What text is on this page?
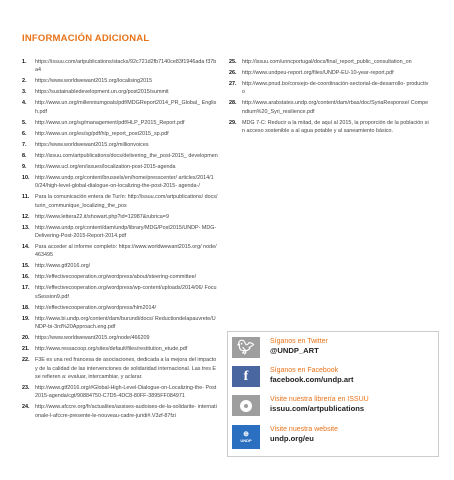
INFORMACIÓN ADICIONAL
1.	https://issuu.com/artpublications/stacks/92c721d2fb7140ce83f1946ada f37ba4
2.	https://www.worldwewant2015.org/localising2015
3.	https://sustainabledevelopment.un.org/post2015/summit
4.	http://www.un.org/millenniumgoals/pdf/MDGReport2014_PR_Global_ English.pdf
5.	http://www.un.org/sg/management/pdf/HLP_P2015_Report.pdf
6.	http://www.un.org/es/sg/pdf/hlp_report_post2015_sp.pdf
7.	https://www.worldwewant2015.org/millionvoices
8.	http://issuu.com/artpublications/docs/delivering_the_post-2015_ developmen
9.	http://www.ucl.org/en/issues/localization-post-2015-agenda
10.	http://www.undp.org/content/brussels/en/home/presscenter/ articles/2014/10/24/high-level-global-dialogue-on-localizing-the-post-2015- agenda-/
11.	Para la comunicación entera de Turín: http://issuu.com/artpublications/ docs/turin_communique_localizing_the_pos
12.	http://www.lettera22.it/showart.php?id=12987&rubrica=9
13.	http://www.undp.org/content/dam/undp/library/MDG/Post2015/UNDP- MDG-Delivering-Post-2015-Report-2014.pdf
14.	Para acceder al informe completo: https://www.worldwewant2015.org/ node/463495
15.	http://www.gtf2016.org/
16.	http://effectivecooperation.org/wordpress/about/steering-committee/
17.	http://effectivecooperation.org/wordpress/wp-content/uploads/2014/06/ FocusSession9.pdf
18.	http://effectivecooperation.org/wordpress/hlm2014/
19.	http://www.bi.undp.org/content/dam/burundi/docs/ Reductiondelapauvrete/UNDP-bi-3rd%20Approach.eng.pdf
20.	https://www.worldwewant2015.org/node/466209
21.	http://www.ressacoop.org/sites/default/files/restitution_etude.pdf
22.	F3E es una red francesa de asociaciones, dedicada a la mejora del impacto y de la calidad de las intervenciones de solidaridad internacional. Las tres E se refieren a: evaluar, intercambiar, y aclarar.
23.	http://www.gtf2016.org/#Global-High-Level-Dialogue-on-Localizing-the- Post2015-agenda/cgt/90884750-C7D5-4DC8-80FF-3895FF084971
24.	http://www.afccre.org/fr/actualites/assises-audoises-de-la-solidarite- internationale-l-afccre-presente-le-nouveau-cadre-juridi#.V3zf-87fzi
25.	http://issuu.com/unncportugal/docs/final_report_public_consultation_on
26.	http://www.undpeu-report.org/files/UNDP-EU-10-year-report.pdf
27.	http://www.pnud.bo/consejo-de-coordinación-sectorial-de-desarrollo- productivo
28.	http://www.arabstates.undp.org/content/dam/rbas/doc/SyriaResponse/ Compendium%20_Syri_resilience.pdf
29.	MDG 7-C: Reducir a la mitad, de aquí al 2015, la proporción de la población sin acceso sostenible a al agua potable y al saneamiento básico.
🐦︎	Síganos en Twitter
@UNDP_ART
f	Síganos en Facebook
facebook.com/undp.art
Visite nuestra librería en ISSUU
issuu.com/artpublications
⊕
UNDP
Visite nuestra website
undp.org/eu
